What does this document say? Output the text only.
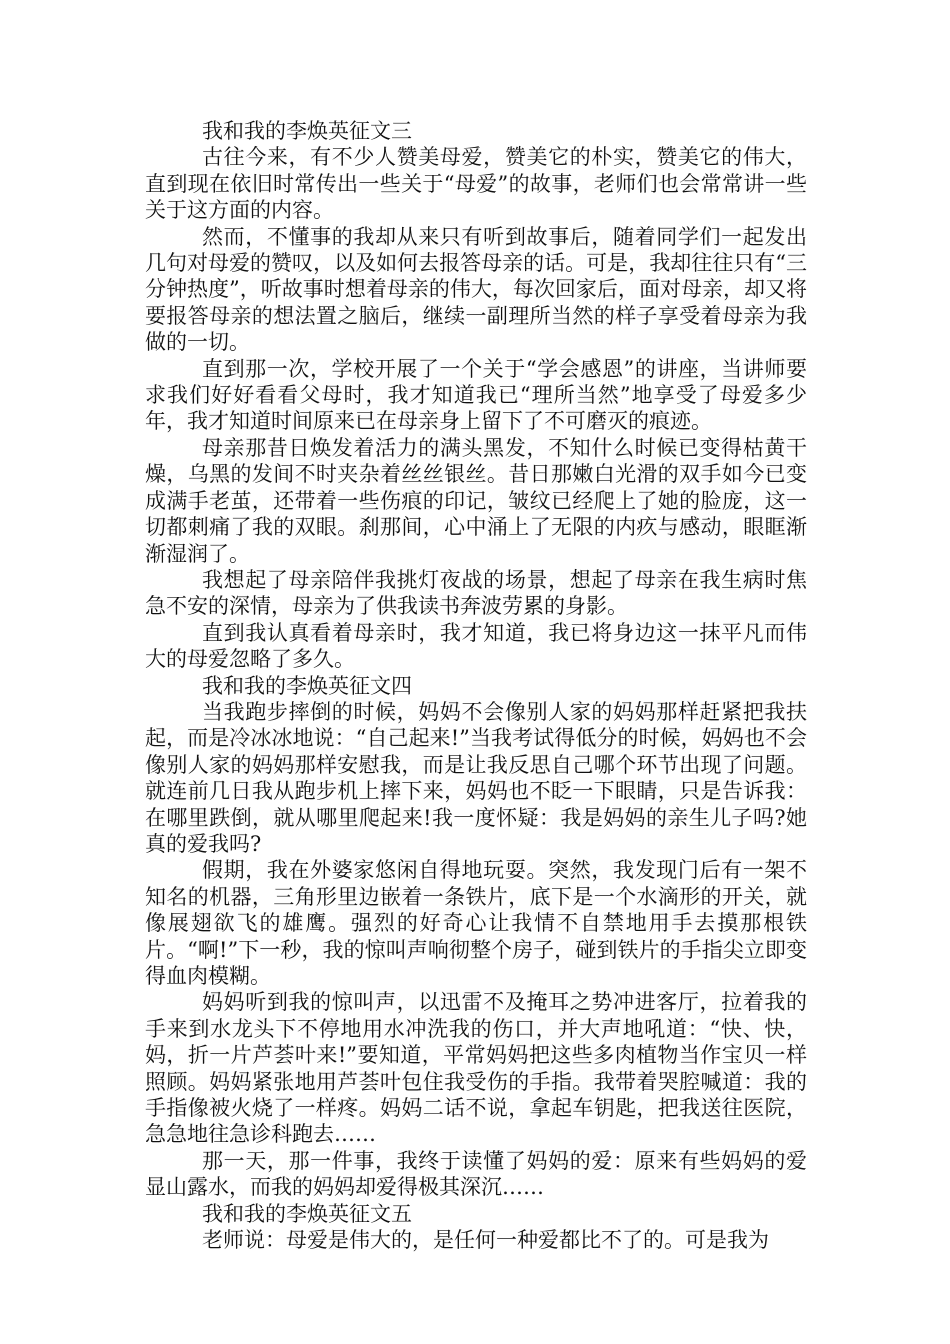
我和我的李焕英征文三

古往今来，有不少人赞美母爱，赞美它的朴实，赞美它的伟大，直到现在依旧时常传出一些关于“母爱”的故事，老师们也会常常讲一些关于这方面的内容。

然而，不懂事的我却从来只有听到故事后，随着同学们一起发出几句对母爱的赞叹，以及如何去报答母亲的话。可是，我却往往只有“三分钟热度”，听故事时想着母亲的伟大，每次回家后，面对母亲，却又将要报答母亲的想法置之脑后，继续一副理所当然的样子享受着母亲为我做的一切。

直到那一次，学校开展了一个关于“学会感恩”的讲座，当讲师要求我们好好看看父母时，我才知道我已“理所当然”地享受了母爱多少年，我才知道时间原来已在母亲身上留下了不可磨灭的痕迹。

母亲那昔日焕发着活力的满头黑发，不知什么时候已变得枯黄干燥，乌黑的发间不时夹杂着丝丝银丝。昔日那嫩白光滑的双手如今已变成满手老茧，还带着一些伤痕的印记，皱纹已经爬上了她的脸庞，这一切都刺痛了我的双眼。刹那间，心中涌上了无限的内疚与感动，眼眶渐渐湿润了。

我想起了母亲陪伴我挑灯夜战的场景，想起了母亲在我生病时焦急不安的深情，母亲为了供我读书奔波劳累的身影。

直到我认真看着母亲时，我才知道，我已将身边这一抹平凡而伟大的母爱忽略了多久。

我和我的李焕英征文四

当我跑步摔倒的时候，妈妈不会像别人家的妈妈那样赶紧把我扶起，而是冷冰冰地说：“自己起来!”当我考试得低分的时候，妈妈也不会像别人家的妈妈那样安慰我，而是让我反思自己哪个环节出现了问题。就连前几日我从跑步机上摔下来，妈妈也不眨一下眼睛，只是告诉我：在哪里跌倒，就从哪里爬起来!我一度怀疑：我是妈妈的亲生儿子吗?她真的爱我吗?

假期，我在外婆家悠闲自得地玩耍。突然，我发现门后有一架不知名的机器，三角形里边嵌着一条铁片，底下是一个水滴形的开关，就像展翅欲飞的雄鹰。强烈的好奇心让我情不自禁地用手去摸那根铁片。“啊!”下一秒，我的惊叫声响彻整个房子，碰到铁片的手指尖立即变得血肉模糊。

妈妈听到我的惊叫声，以迅雷不及掩耳之势冲进客厅，拉着我的手来到水龙头下不停地用水冲洗我的伤口，并大声地吼道：“快、快，妈，折一片芦荟叶来!”要知道，平常妈妈把这些多肉植物当作宝贝一样照顾。妈妈紧张地用芦荟叶包住我受伤的手指。我带着哭腔喊道：我的手指像被火烧了一样疼。妈妈二话不说，拿起车钥匙，把我送往医院，急急地往急诊科跑去……

那一天，那一件事，我终于读懂了妈妈的爱：原来有些妈妈的爱显山露水，而我的妈妈却爱得极其深沉……

我和我的李焕英征文五

老师说：母爱是伟大的，是任何一种爱都比不了的。可是我为
